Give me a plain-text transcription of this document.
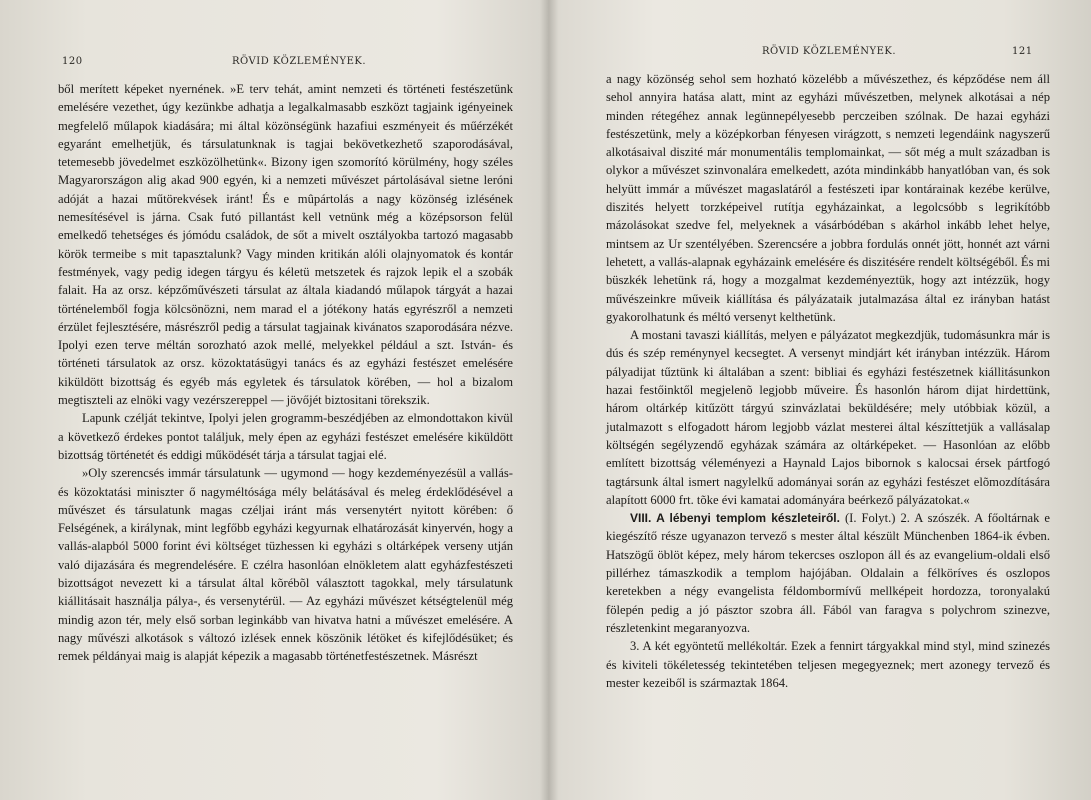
120	RÖVID KÖZLEMÉNYEK.

ből merített képeket nyernének. »E terv tehát, amint nemzeti és történeti festészetünk emelésére vezethet, úgy kezünkbe adhatja a legalkalmasabb eszközt tagjaink igényeinek megfelelő műlapok kiadására; mi által közönségünk hazafiui eszményeit és műérzékét egyaránt emelhetjük, és társulatunknak is tagjai bekövetkezhető szaporodásával, tetemesebb jövedelmet eszközölhetünk«. Bizony igen szomorító körülmény, hogy széles Magyarországon alig akad 900 egyén, ki a nemzeti művészet pártolásával sietne leróni adóját a hazai műtörekvések iránt! És e mûpártolás a nagy közönség izlésének nemesítésével is járna. Csak futó pillantást kell vetnünk még a középsorson felül emelkedő tehetséges és jómódu családok, de sőt a mivelt osztályokba tartozó magasabb körök termeibe s mit tapasztalunk? Vagy minden kritikán alóli olajnyomatok és kontár festmények, vagy pedig idegen tárgyu és kéletü metszetek és rajzok lepik el a szobák falait. Ha az orsz. képzőművészeti társulat az általa kiadandó műlapok tárgyát a hazai történelemből fogja kölcsönözni, nem marad el a jótékony hatás egyrészről a nemzeti érzület fejlesztésére, másrészről pedig a társulat tagjainak kivánatos szaporodására nézve. Ipolyi ezen terve méltán sorozható azok mellé, melyekkel például a szt. István- és történeti társulatok az orsz. közoktatásügyi tanács és az egyházi festészet emelésére kiküldött bizottság és egyéb más egyletek és társulatok körében, — hol a bizalom megtiszteli az elnöki vagy vezérszereppel — jövőjét biztositani törekszik.

Lapunk czélját tekintve, Ipolyi jelen grogramm-beszédjében az elmondottakon kivül a következő érdekes pontot találjuk, mely épen az egyházi festészet emelésére kiküldött bizottság történetét és eddigi működését tárja a társulat tagjai elé.

»Oly szerencsés immár társulatunk — ugymond — hogy kezdeményezésül a vallás- és közoktatási miniszter ő nagyméltósága mély belátásával és meleg érdeklődésével a művészet és társulatunk magas czéljai iránt más versenytért nyitott körében: ő Felségének, a királynak, mint legfőbb egyházi kegyurnak elhatározását kinyervén, hogy a vallás-alapból 5000 forint évi költséget tüzhessen ki egyházi s oltárképek verseny utján való dijazására és megrendelésére. E czélra hasonlóan elnökletem alatt egyházfestészeti bizottságot nevezett ki a társulat által kõrébõl választott tagokkal, mely társulatunk kiállitásait használja pálya-, és versenytérül. — Az egyházi művészet kétségtelenül még mindig azon tér, mely első sorban leginkább van hivatva hatni a művészet emelésére. A nagy művészi alkotások s változó izlések ennek köszönik létöket és kifejlődésüket; és remek példányai maig is alapját képezik a magasabb történetfestészetnek. Másrészt

RÖVID KÖZLEMÉNYEK.	121

a nagy közönség sehol sem hozható közelébb a művészethez, és képződése nem áll sehol annyira hatása alatt, mint az egyházi művészetben, melynek alkotásai a nép minden rétegéhez annak legünnepélyesebb perczeiben szólnak. De hazai egyházi festészetünk, mely a középkorban fényesen virágzott, s nemzeti legendáink nagyszerű alkotásaival diszité már monumentális templomainkat, — sőt még a mult században is olykor a művészet szinvonalára emelkedett, azóta mindinkább hanyatlóban van, és sok helyütt immár a művészet magaslatáról a festészeti ipar kontárainak kezébe kerülve, diszités helyett torzképeivel rutítja egyházainkat, a legolcsóbb s legrikítóbb mázolásokat szedve fel, melyeknek a vásárbódéban s akárhol inkább lehet helye, mintsem az Ur szentélyében. Szerencsére a jobbra fordulás onnét jött, honnét azt várni lehetett, a vallás-alapnak egyházaink emelésére és diszitésére rendelt költségéből. És mi büszkék lehetünk rá, hogy a mozgalmat kezdeményeztük, hogy azt intézzük, hogy művészeinkre műveik kiállítása és pályázataik jutalmazása által ez irányban hatást gyakorolhatunk és méltó versenyt kelthetünk.

A mostani tavaszi kiállítás, melyen e pályázatot megkezdjük, tudomásunkra már is dús és szép reménynyel kecsegtet. A versenyt mindjárt két irányban intézzük. Három pályadijat tűztünk ki általában a szent: bibliai és egyházi festészetnek kiállitásunkon hazai festőinktől megjelenõ legjobb műveire. És hasonlón három dijat hirdettünk, három oltárkép kitűzött tárgyú szinvázlatai beküldésére; mely utóbbiak közül, a jutalmazott s elfogadott három legjobb vázlat mesterei által készíttetjük a vallásalap költségén segélyzendő egyházak számára az oltárképeket. — Hasonlóan az előbb említett bizottság véleményezi a Haynald Lajos bibornok s kalocsai érsek pártfogó tagtársunk által ismert nagylelkű adományai során az egyházi festészet elõmozdítására alapított 6000 frt. tõke évi kamatai adományára beérkező pályázatokat.«

VIII. A lébenyi templom készleteiről. (I. Folyt.) 2. A szószék. A főoltárnak e kiegészítő része ugyanazon tervező s mester által készült Münchenben 1864-ik évben. Hatszögű öblöt képez, mely három tekercses oszlopon áll és az evangelium-oldali első pillérhez támaszkodik a templom hajójában. Oldalain a félköríves és oszlopos keretekben a négy evangelista féldombormívű mellképeit hordozza, toronyalakú fölepén pedig a jó pásztor szobra áll. Fából van faragva s polychrom szinezve, részletenkint megaranyozva.

3. A két egyöntetű mellékoltár. Ezek a fennirt tárgyakkal mind styl, mind szinezés és kiviteli tökéletesség tekintetében teljesen megegyeznek; mert azonegy tervező és mester kezeiből is származtak 1864.
